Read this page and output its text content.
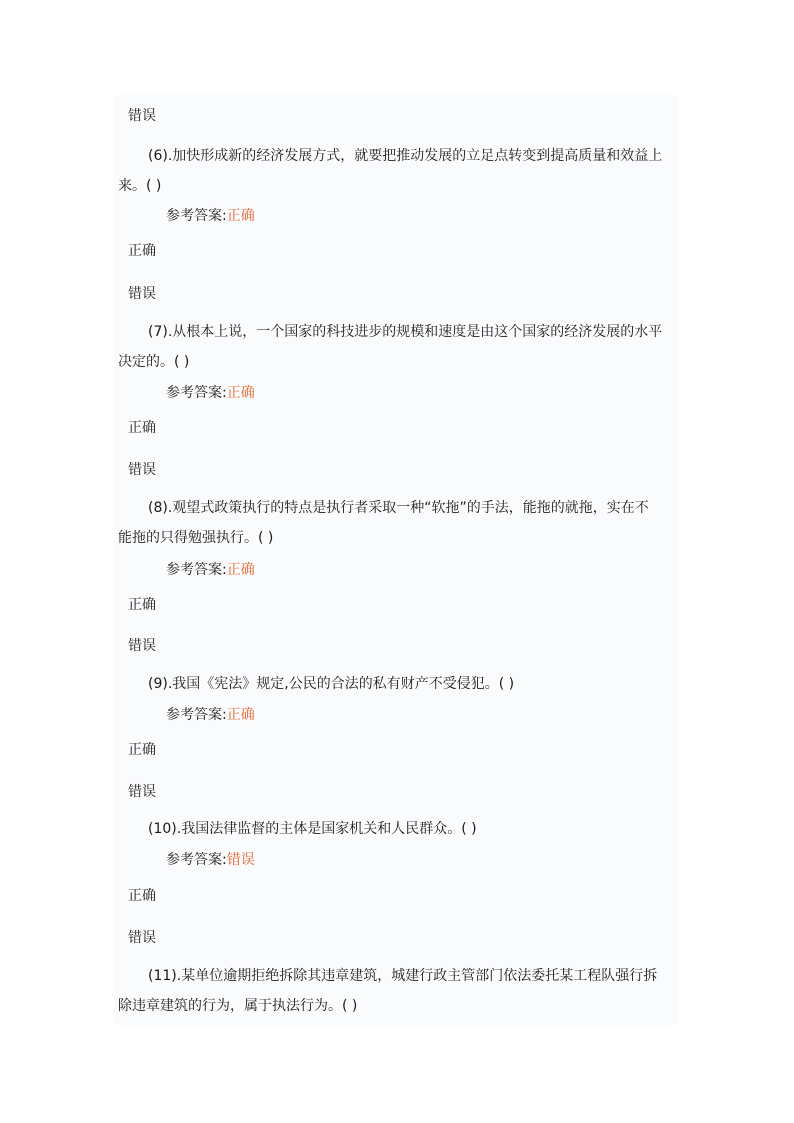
错误
(6).加快形成新的经济发展方式，就要把推动发展的立足点转变到提高质量和效益上
来。( )
参考答案:正确
正确
错误
(7).从根本上说，一个国家的科技进步的规模和速度是由这个国家的经济发展的水平
决定的。( )
参考答案:正确
正确
错误
(8).观望式政策执行的特点是执行者采取一种“软拖”的手法，能拖的就拖，实在不
能拖的只得勉强执行。( )
参考答案:正确
正确
错误
(9).我国《宪法》规定,公民的合法的私有财产不受侵犯。( )
参考答案:正确
正确
错误
(10).我国法律监督的主体是国家机关和人民群众。( )
参考答案:错误
正确
错误
(11).某单位逾期拒绝拆除其违章建筑，城建行政主管部门依法委托某工程队强行拆
除违章建筑的行为，属于执法行为。( )
